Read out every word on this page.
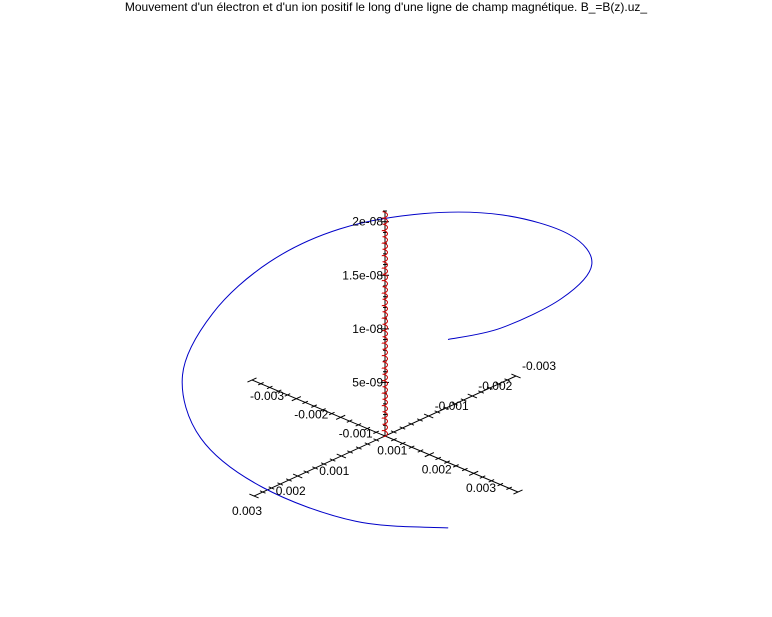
Mouvement d'un électron et d'un ion positif le long d'une ligne de champ magnétique. B_=B(z).uz_
0.003
0.002
0.001
-0.001
-0.002
-0.003
0.003
0.002
0.001
-0.001
-0.002
-0.003
5e-09
1e-08
1.5e-08
2e-08
